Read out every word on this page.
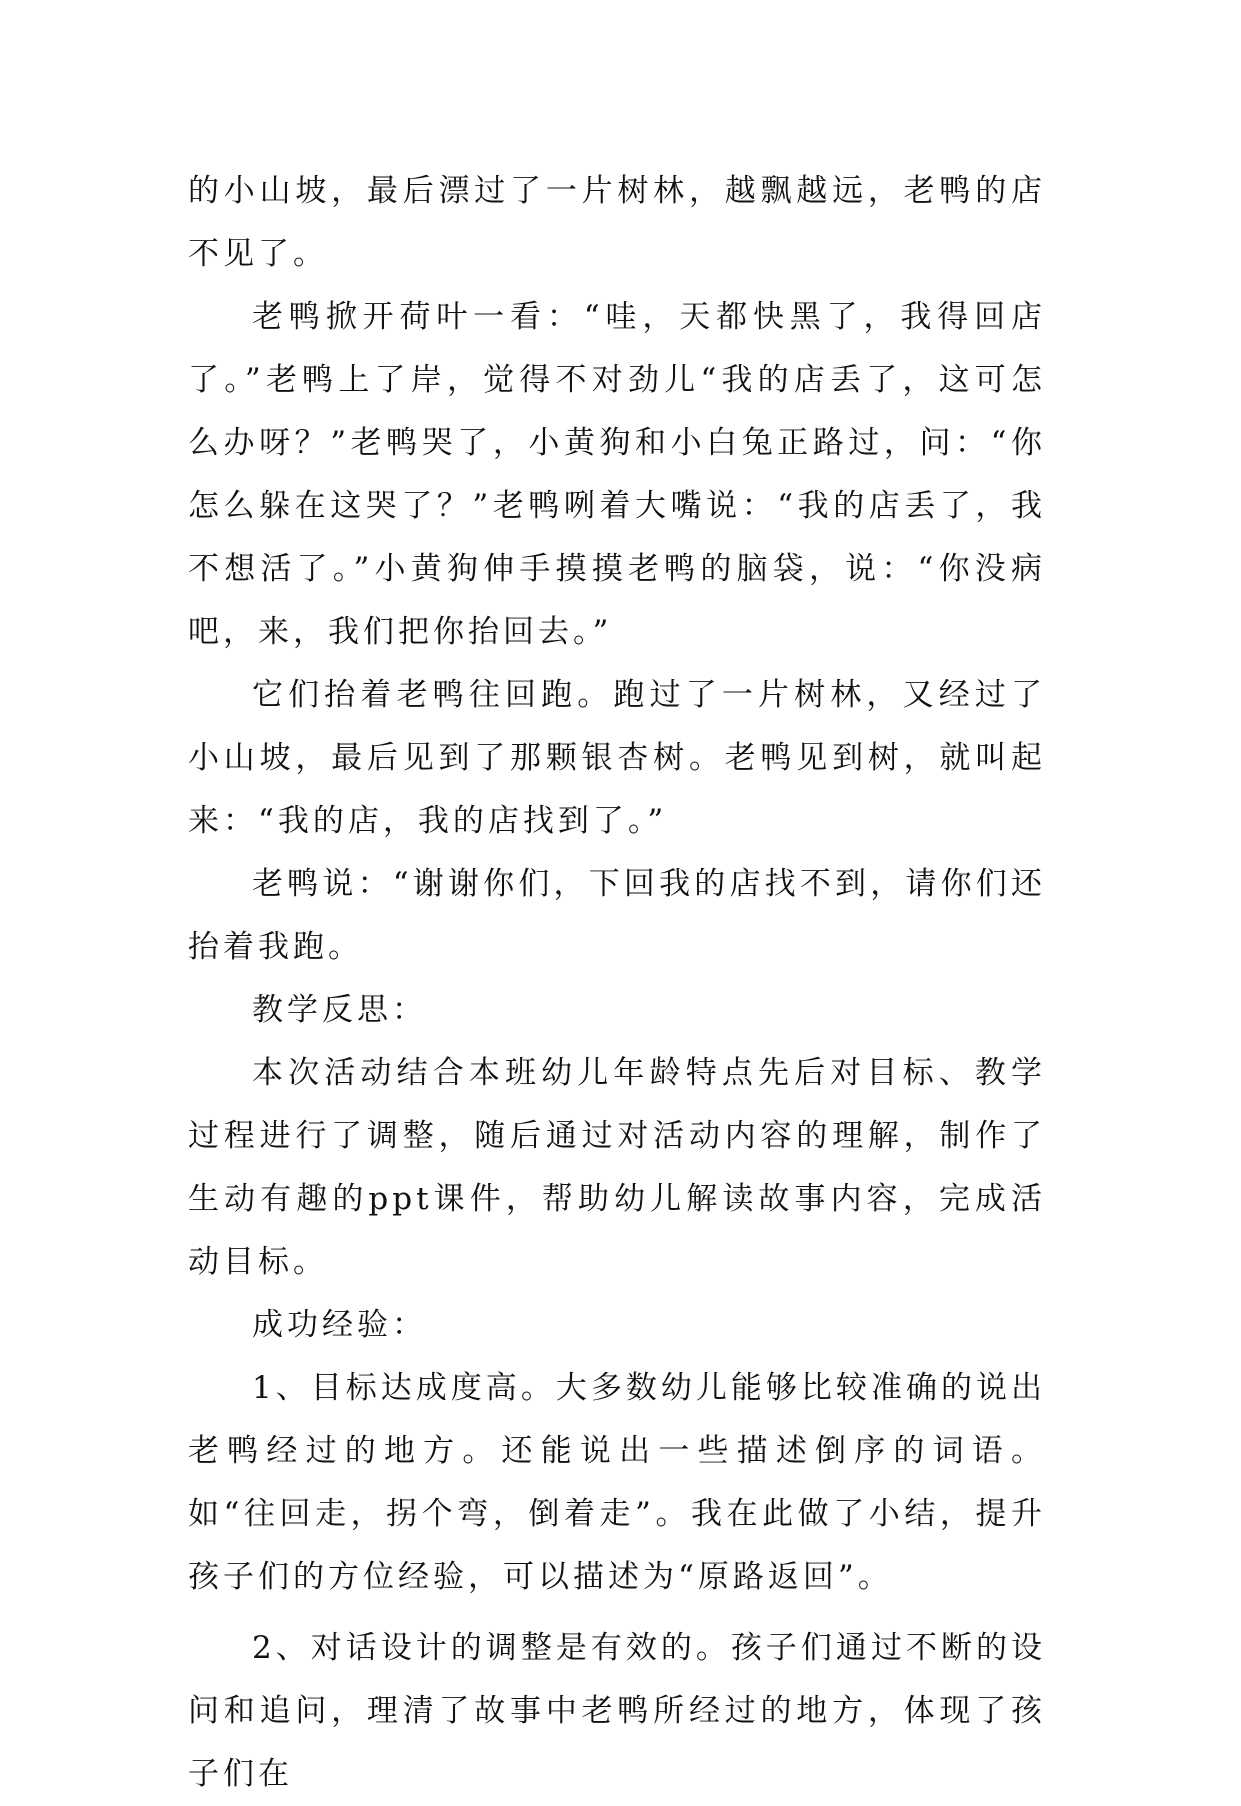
的小山坡，最后漂过了一片树林，越飘越远，老鸭的店不见了。

老鸭掀开荷叶一看：“哇，天都快黑了，我得回店了。”老鸭上了岸，觉得不对劲儿“我的店丢了，这可怎么办呀？”老鸭哭了，小黄狗和小白兔正路过，问：“你怎么躲在这哭了？”老鸭咧着大嘴说：“我的店丢了，我不想活了。”小黄狗伸手摸摸老鸭的脑袋，说：“你没病吧，来，我们把你抬回去。”

它们抬着老鸭往回跑。跑过了一片树林，又经过了小山坡，最后见到了那颗银杏树。老鸭见到树，就叫起来：“我的店，我的店找到了。”

老鸭说：“谢谢你们，下回我的店找不到，请你们还抬着我跑。

教学反思：

本次活动结合本班幼儿年龄特点先后对目标、教学过程进行了调整，随后通过对活动内容的理解，制作了生动有趣的ppt课件，帮助幼儿解读故事内容，完成活动目标。

成功经验：

1、目标达成度高。大多数幼儿能够比较准确的说出老鸭经过的地方。还能说出一些描述倒序的词语。如“往回走，拐个弯，倒着走”。我在此做了小结，提升孩子们的方位经验，可以描述为“原路返回”。

2、对话设计的调整是有效的。孩子们通过不断的设问和追问，理清了故事中老鸭所经过的地方，体现了孩子们在
